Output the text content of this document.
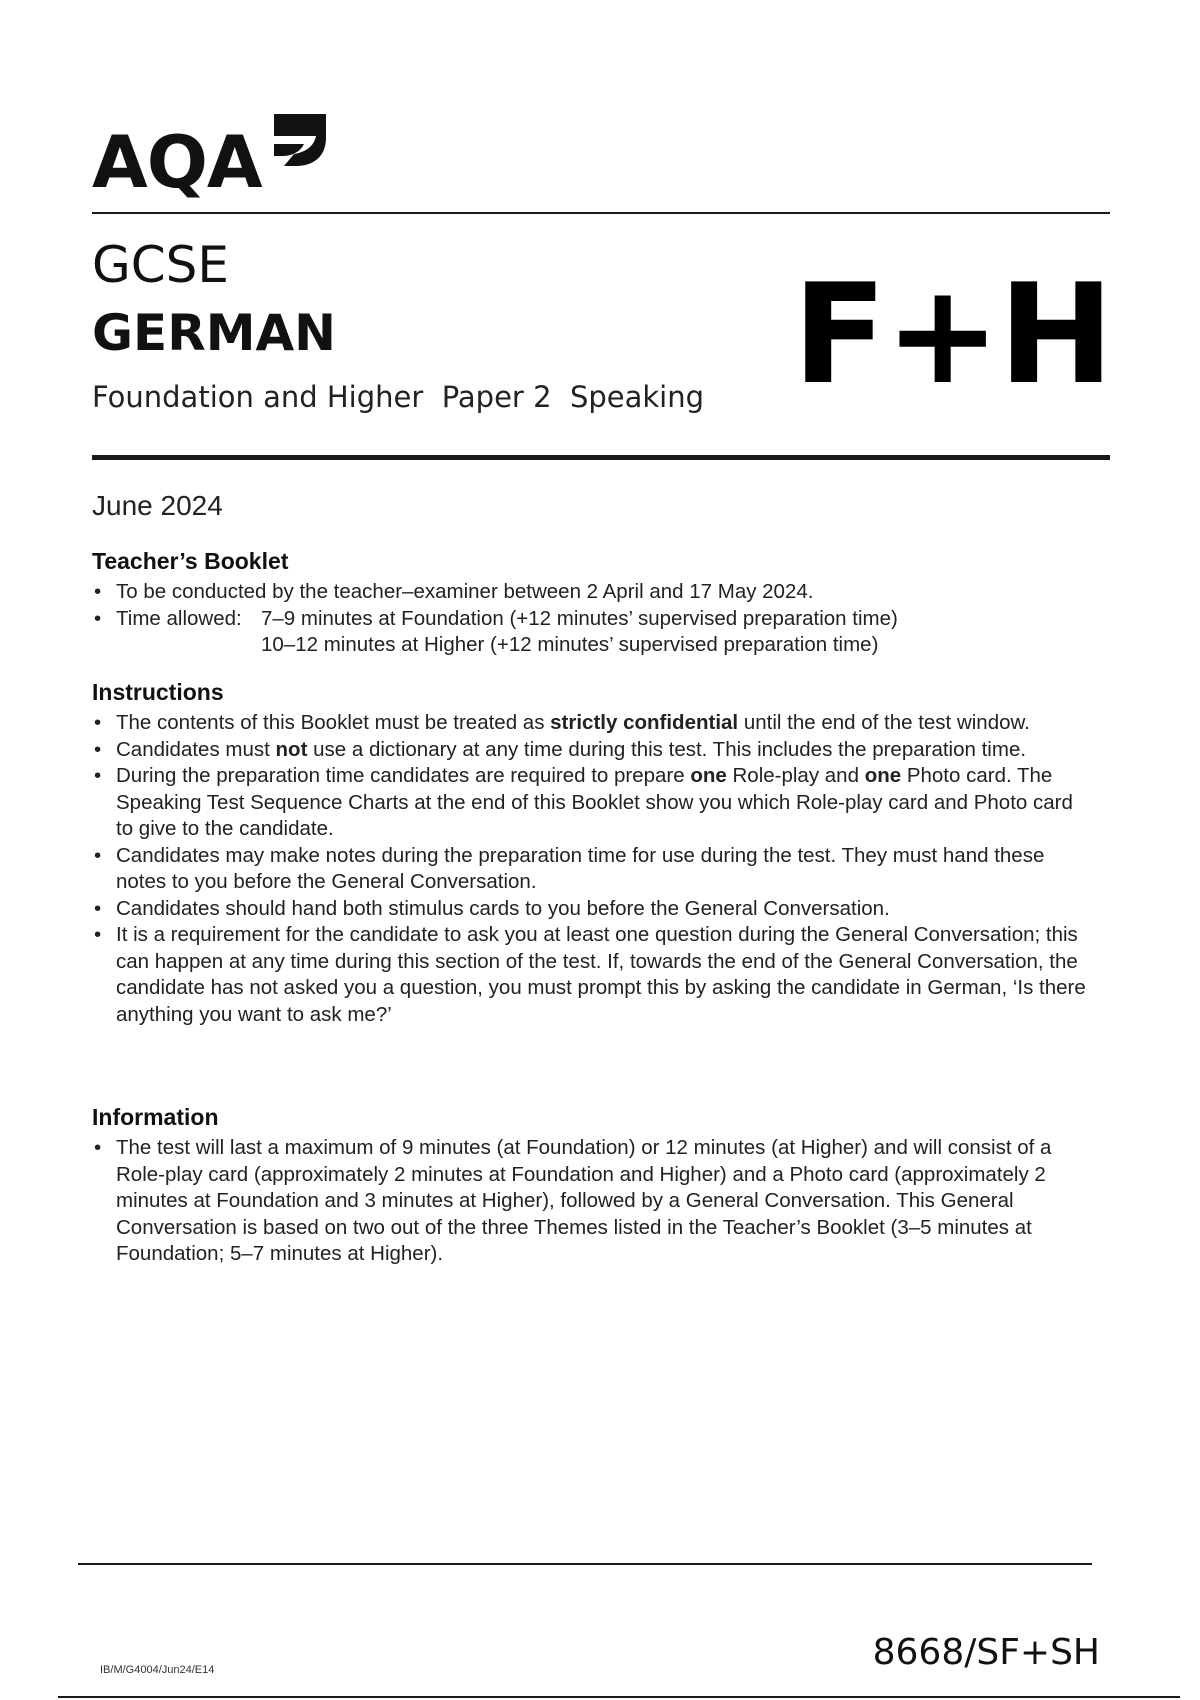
AQA
GCSE
GERMAN
Foundation and Higher  Paper 2  Speaking F+H
June 2024
Teacher’s Booklet
• To be conducted by the teacher–examiner between 2 April and 17 May 2024.
• Time allowed: 7–9 minutes at Foundation (+12 minutes’ supervised preparation time)
10–12 minutes at Higher (+12 minutes’ supervised preparation time)
Instructions
• The contents of this Booklet must be treated as strictly confidential until the end of the test window.
• Candidates must not use a dictionary at any time during this test. This includes the preparation time.
• During the preparation time candidates are required to prepare one Role-play and one Photo card. The Speaking Test Sequence Charts at the end of this Booklet show you which Role-play card and Photo card to give to the candidate.
• Candidates may make notes during the preparation time for use during the test. They must hand these notes to you before the General Conversation.
• Candidates should hand both stimulus cards to you before the General Conversation.
• It is a requirement for the candidate to ask you at least one question during the General Conversation; this can happen at any time during this section of the test. If, towards the end of the General Conversation, the candidate has not asked you a question, you must prompt this by asking the candidate in German, ‘Is there anything you want to ask me?’
Information
• The test will last a maximum of 9 minutes (at Foundation) or 12 minutes (at Higher) and will consist of a Role-play card (approximately 2 minutes at Foundation and Higher) and a Photo card (approximately 2 minutes at Foundation and 3 minutes at Higher), followed by a General Conversation. This General Conversation is based on two out of the three Themes listed in the Teacher’s Booklet (3–5 minutes at Foundation; 5–7 minutes at Higher).
IB/M/G4004/Jun24/E14	8668/SF+SH
